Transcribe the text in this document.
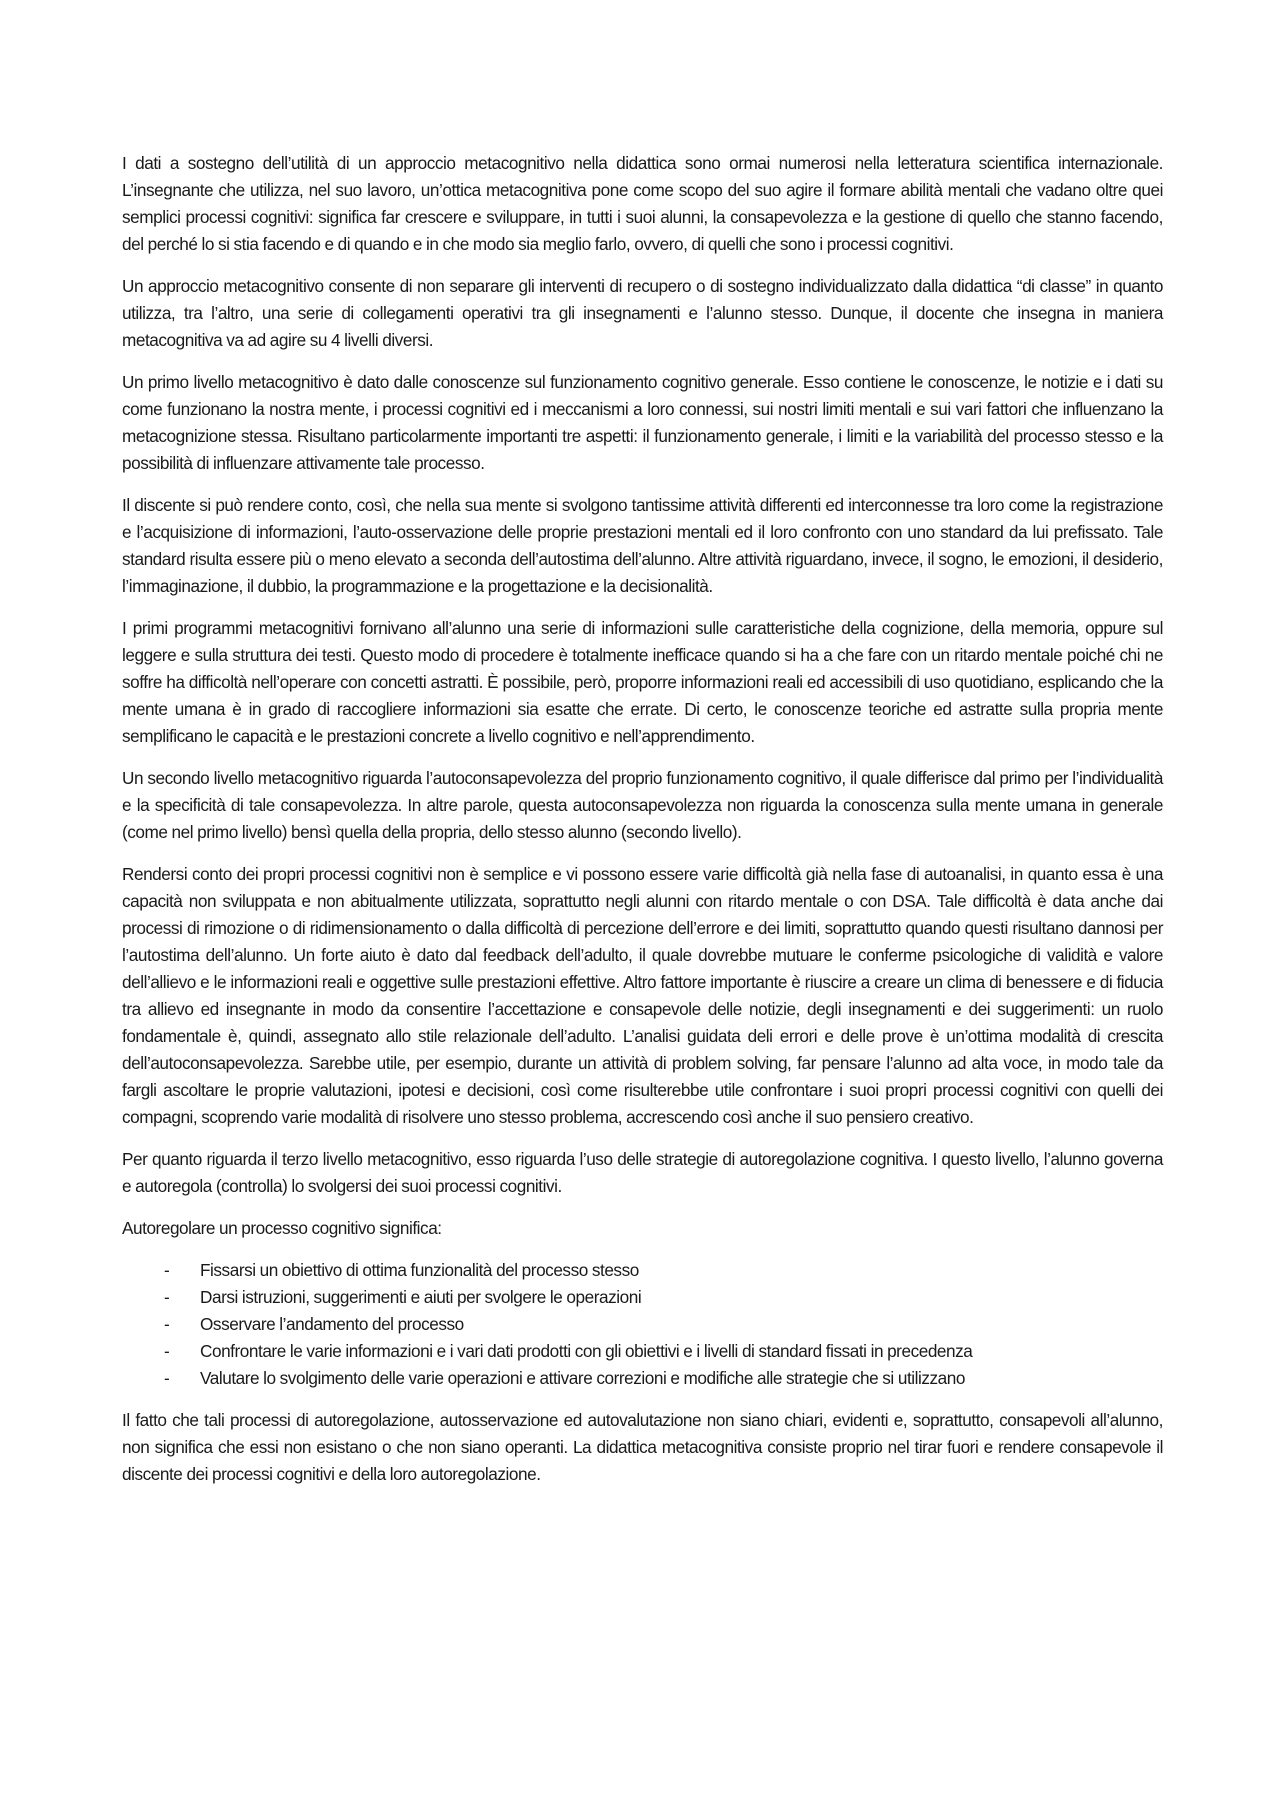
I dati a sostegno dell’utilità di un approccio metacognitivo nella didattica sono ormai numerosi nella letteratura scientifica internazionale. L’insegnante che utilizza, nel suo lavoro, un’ottica metacognitiva pone come scopo del suo agire il formare abilità mentali che vadano oltre quei semplici processi cognitivi: significa far crescere e sviluppare, in tutti i suoi alunni, la consapevolezza e la gestione di quello che stanno facendo, del perché lo si stia facendo e di quando e in che modo sia meglio farlo, ovvero, di quelli che sono i processi cognitivi.

Un approccio metacognitivo consente di non separare gli interventi di recupero o di sostegno individualizzato dalla didattica “di classe” in quanto utilizza, tra l’altro, una serie di collegamenti operativi tra gli insegnamenti e l’alunno stesso. Dunque, il docente che insegna in maniera metacognitiva va ad agire su 4 livelli diversi.

Un primo livello metacognitivo è dato dalle conoscenze sul funzionamento cognitivo generale. Esso contiene le conoscenze, le notizie e i dati su come funzionano la nostra mente, i processi cognitivi ed i meccanismi a loro connessi, sui nostri limiti mentali e sui vari fattori che influenzano la metacognizione stessa. Risultano particolarmente importanti tre aspetti: il funzionamento generale, i limiti e la variabilità del processo stesso e la possibilità di influenzare attivamente tale processo.

Il discente si può rendere conto, così, che nella sua mente si svolgono tantissime attività differenti ed interconnesse tra loro come la registrazione e l’acquisizione di informazioni, l’auto-osservazione delle proprie prestazioni mentali ed il loro confronto con uno standard da lui prefissato. Tale standard risulta essere più o meno elevato a seconda dell’autostima dell’alunno. Altre attività riguardano, invece, il sogno, le emozioni, il desiderio, l’immaginazione, il dubbio, la programmazione e la progettazione e la decisionalità.

I primi programmi metacognitivi fornivano all’alunno una serie di informazioni sulle caratteristiche della cognizione, della memoria, oppure sul leggere e sulla struttura dei testi. Questo modo di procedere è totalmente inefficace quando si ha a che fare con un ritardo mentale poiché chi ne soffre ha difficoltà nell’operare con concetti astratti. È possibile, però, proporre informazioni reali ed accessibili di uso quotidiano, esplicando che la mente umana è in grado di raccogliere informazioni sia esatte che errate. Di certo, le conoscenze teoriche ed astratte sulla propria mente semplificano le capacità e le prestazioni concrete a livello cognitivo e nell’apprendimento.

Un secondo livello metacognitivo riguarda l’autoconsapevolezza del proprio funzionamento cognitivo, il quale differisce dal primo per l’individualità e la specificità di tale consapevolezza. In altre parole, questa autoconsapevolezza non riguarda la conoscenza sulla mente umana in generale (come nel primo livello) bensì quella della propria, dello stesso alunno (secondo livello).

Rendersi conto dei propri processi cognitivi non è semplice e vi possono essere varie difficoltà già nella fase di autoanalisi, in quanto essa è una capacità non sviluppata e non abitualmente utilizzata, soprattutto negli alunni con ritardo mentale o con DSA. Tale difficoltà è data anche dai processi di rimozione o di ridimensionamento o dalla difficoltà di percezione dell’errore e dei limiti, soprattutto quando questi risultano dannosi per l’autostima dell’alunno. Un forte aiuto è dato dal feedback dell’adulto, il quale dovrebbe mutuare le conferme psicologiche di validità e valore dell’allievo e le informazioni reali e oggettive sulle prestazioni effettive. Altro fattore importante è riuscire a creare un clima di benessere e di fiducia tra allievo ed insegnante in modo da consentire l’accettazione e consapevole delle notizie, degli insegnamenti e dei suggerimenti: un ruolo fondamentale è, quindi, assegnato allo stile relazionale dell’adulto. L’analisi guidata deli errori e delle prove è un’ottima modalità di crescita dell’autoconsapevolezza. Sarebbe utile, per esempio, durante un attività di problem solving, far pensare l’alunno ad alta voce, in modo tale da fargli ascoltare le proprie valutazioni, ipotesi e decisioni, così come risulterebbe utile confrontare i suoi propri processi cognitivi con quelli dei compagni, scoprendo varie modalità di risolvere uno stesso problema, accrescendo così anche il suo pensiero creativo.

Per quanto riguarda il terzo livello metacognitivo, esso riguarda l’uso delle strategie di autoregolazione cognitiva. I questo livello, l’alunno governa e autoregola (controlla) lo svolgersi dei suoi processi cognitivi.

Autoregolare un processo cognitivo significa:

- Fissarsi un obiettivo di ottima funzionalità del processo stesso
- Darsi istruzioni, suggerimenti e aiuti per svolgere le operazioni
- Osservare l’andamento del processo
- Confrontare le varie informazioni e i vari dati prodotti con gli obiettivi e i livelli di standard fissati in precedenza
- Valutare lo svolgimento delle varie operazioni e attivare correzioni e modifiche alle strategie che si utilizzano

Il fatto che tali processi di autoregolazione, autosservazione ed autovalutazione non siano chiari, evidenti e, soprattutto, consapevoli all’alunno, non significa che essi non esistano o che non siano operanti. La didattica metacognitiva consiste proprio nel tirar fuori e rendere consapevole il discente dei processi cognitivi e della loro autoregolazione.
